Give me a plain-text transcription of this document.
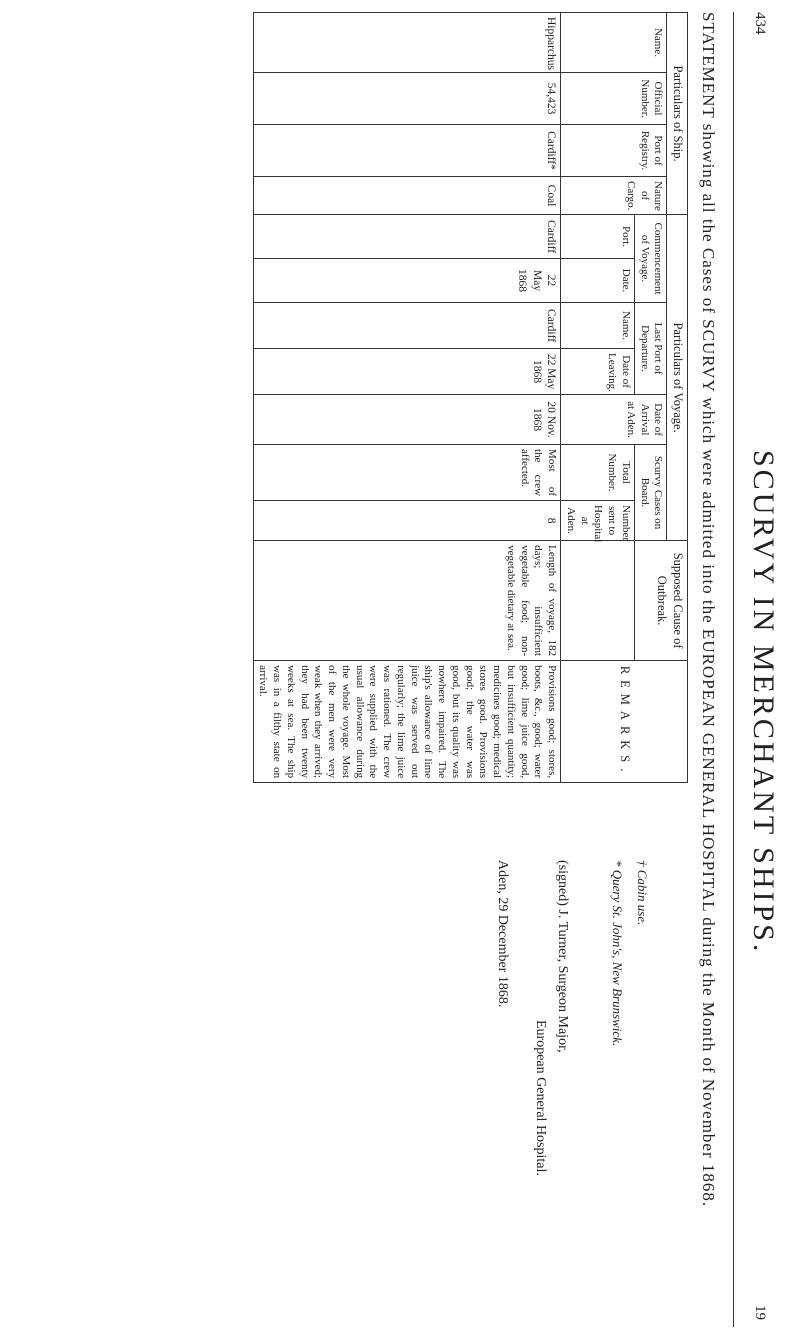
434
SCURVY IN MERCHANT SHIPS.
19
STATEMENT showing all the Cases of SCURVY which were admitted into the EUROPEAN GENERAL HOSPITAL during the Month of November 1868.
Particulars of Ship.				Particulars of Voyage.							Supposed Cause of
Outbreak.	REMARKS.
Name.	Official Number.	Port of Registry.	Nature of Cargo.	Commencement of Voyage.		Last Port of Departure.		Date of Arrival at Aden.	Scurvy Cases on Board.			
				Port.	Date.	Name.	Date of Leaving.		Total Number.	Number sent to Hospital at Aden.		
Hipparchus	54,423	Cardiff*	Coal	Cardiff	22 May 1868	Cardiff	22 May 1868	20 Nov. 1868	Most of the crew affected.	8	Length of voyage, 182 days; insufficient vegetable food; non-vegetable dietary at sea.	Provisions good; stores, boots, &c., good; water good; lime juice good, but insufficient quantity; medicines good; medical stores good. Provisions good; the water was good, but its quality was nowhere impaired. The ship's allowance of lime juice was served out regularly; the lime juice was rationed. The crew were supplied with the usual allowance during the whole voyage. Most of the men were very weak when they arrived; they had been twenty weeks at sea. The ship was in a filthy state on arrival.
† Cabin use.
* Query St. John's, New Brunswick.
(signed) J. Turner, Surgeon Major,
European General Hospital.
Aden, 29 December 1868.
